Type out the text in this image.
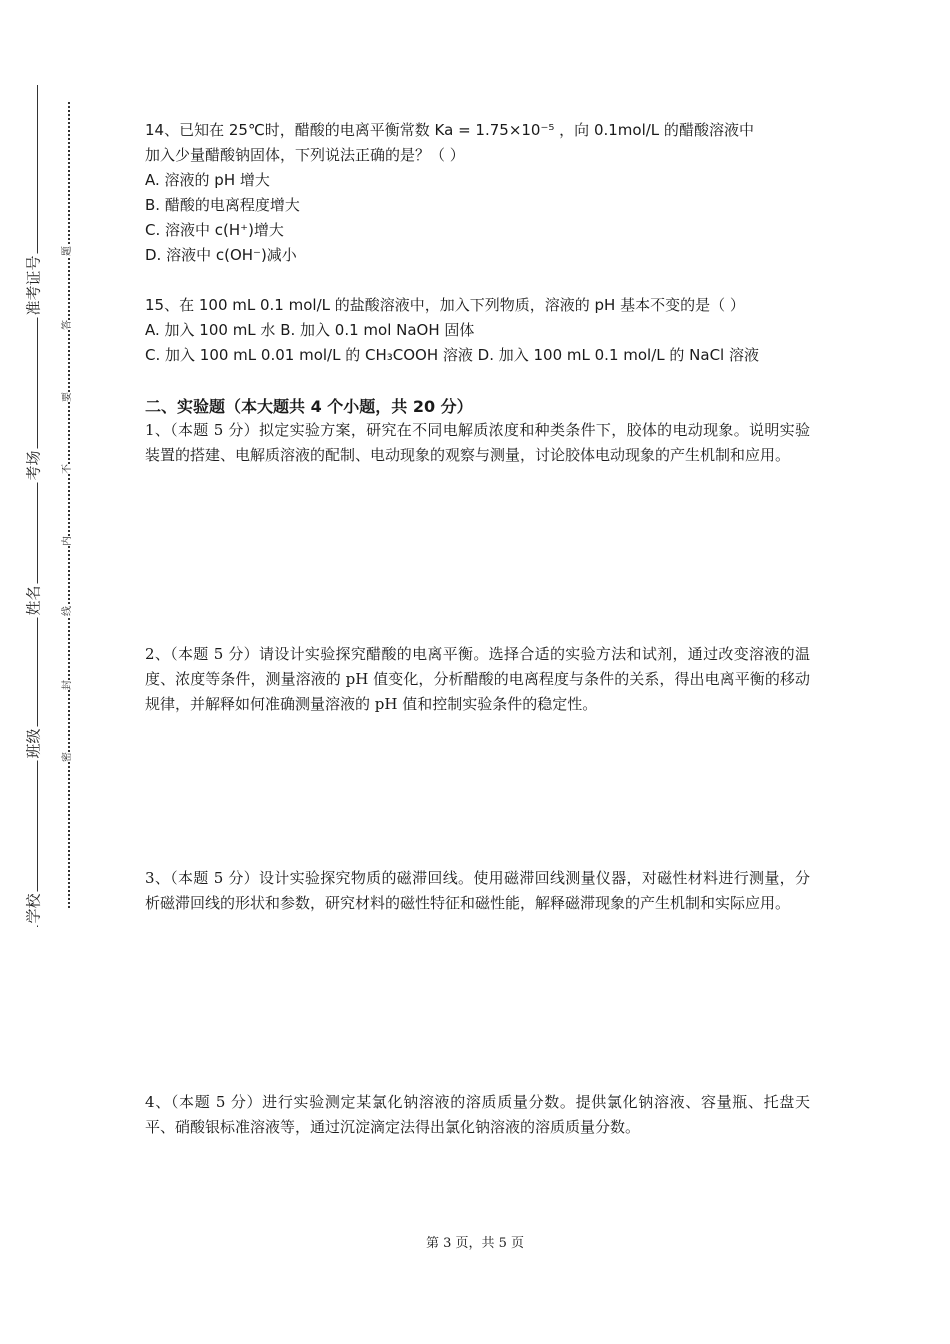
准考证号
考场
姓名
班级
学校
题
答
要
不
内
线
封
密

14、已知在 25℃时，醋酸的电离平衡常数 Ka = 1.75×10⁻⁵ ，向 0.1mol/L 的醋酸溶液中

加入少量醋酸钠固体，下列说法正确的是？（ ）

A. 溶液的 pH 增大

B. 醋酸的电离程度增大

C. 溶液中 c(H⁺)增大

D. 溶液中 c(OH⁻)减小

15、在 100 mL 0.1 mol/L 的盐酸溶液中，加入下列物质，溶液的 pH 基本不变的是（ ）

A. 加入 100 mL 水 B. 加入 0.1 mol NaOH 固体

C. 加入 100 mL 0.01 mol/L 的 CH₃COOH 溶液 D. 加入 100 mL 0.1 mol/L 的 NaCl 溶液

二、实验题（本大题共 4 个小题，共 20 分）

1、（本题 5 分）拟定实验方案，研究在不同电解质浓度和种类条件下，胶体的电动现象。说明实验装置的搭建、电解质溶液的配制、电动现象的观察与测量，讨论胶体电动现象的产生机制和应用。

2、（本题 5 分）请设计实验探究醋酸的电离平衡。选择合适的实验方法和试剂，通过改变溶液的温度、浓度等条件，测量溶液的 pH 值变化，分析醋酸的电离程度与条件的关系，得出电离平衡的移动规律，并解释如何准确测量溶液的 pH 值和控制实验条件的稳定性。

3、（本题 5 分）设计实验探究物质的磁滞回线。使用磁滞回线测量仪器，对磁性材料进行测量，分析磁滞回线的形状和参数，研究材料的磁性特征和磁性能，解释磁滞现象的产生机制和实际应用。

4、（本题 5 分）进行实验测定某氯化钠溶液的溶质质量分数。提供氯化钠溶液、容量瓶、托盘天平、硝酸银标准溶液等，通过沉淀滴定法得出氯化钠溶液的溶质质量分数。

第 3 页，共 5 页
